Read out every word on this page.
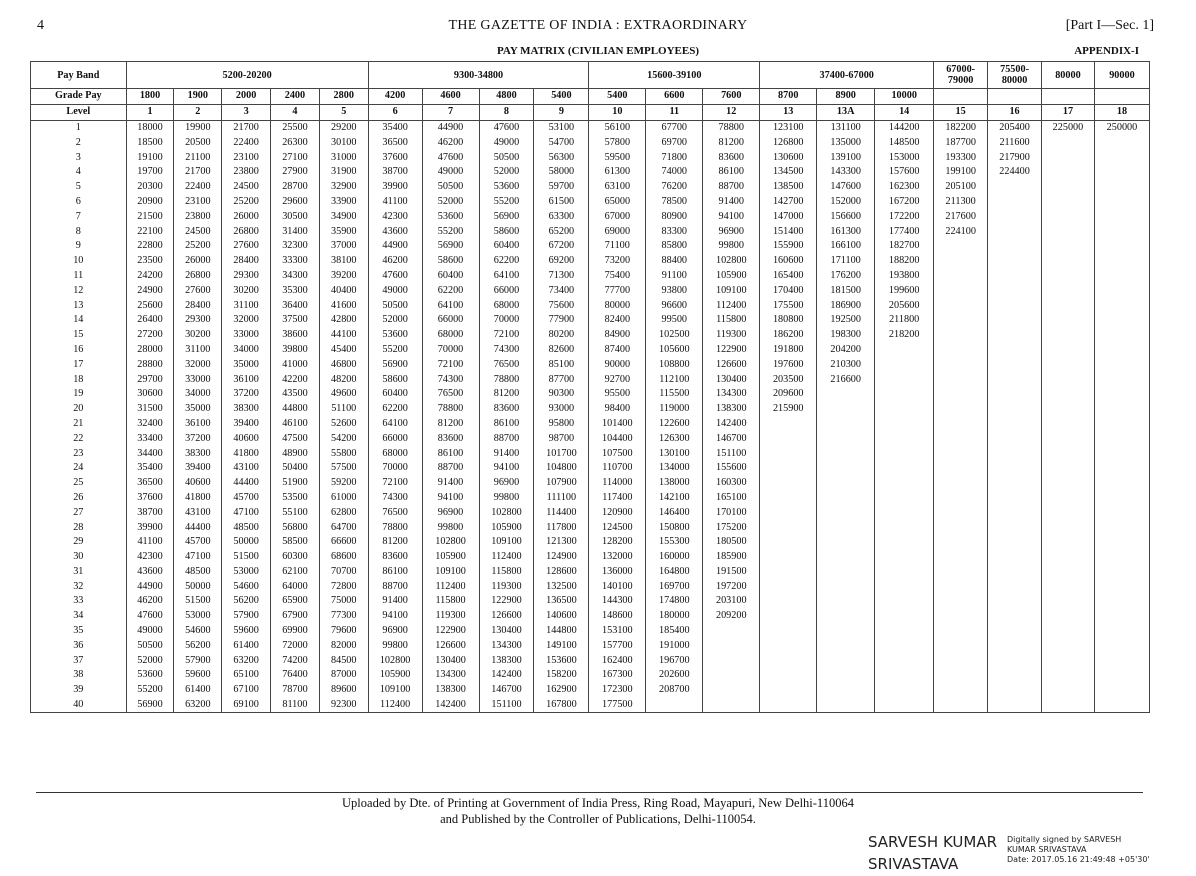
4	THE GAZETTE OF INDIA : EXTRAORDINARY	[Part I—Sec. 1]
PAY MATRIX (CIVILIAN EMPLOYEES)	APPENDIX-I
Pay Band	5200-20200					9300-34800				15600-39100			37400-67000			67000-79000	75500-80000	80000	90000
Grade Pay	1800	1900	2000	2400	2800	4200	4600	4800	5400	5400	6600	7600	8700	8900	10000				
Level	1	2	3	4	5	6	7	8	9	10	11	12	13	13A	14	15	16	17	18
1	18000	19900	21700	25500	29200	35400	44900	47600	53100	56100	67700	78800	123100	131100	144200	182200	205400	225000	250000
2	18500	20500	22400	26300	30100	36500	46200	49000	54700	57800	69700	81200	126800	135000	148500	187700	211600		
3	19100	21100	23100	27100	31000	37600	47600	50500	56300	59500	71800	83600	130600	139100	153000	193300	217900		
4	19700	21700	23800	27900	31900	38700	49000	52000	58000	61300	74000	86100	134500	143300	157600	199100	224400		
5	20300	22400	24500	28700	32900	39900	50500	53600	59700	63100	76200	88700	138500	147600	162300	205100			
6	20900	23100	25200	29600	33900	41100	52000	55200	61500	65000	78500	91400	142700	152000	167200	211300			
7	21500	23800	26000	30500	34900	42300	53600	56900	63300	67000	80900	94100	147000	156600	172200	217600			
8	22100	24500	26800	31400	35900	43600	55200	58600	65200	69000	83300	96900	151400	161300	177400	224100			
9	22800	25200	27600	32300	37000	44900	56900	60400	67200	71100	85800	99800	155900	166100	182700				
10	23500	26000	28400	33300	38100	46200	58600	62200	69200	73200	88400	102800	160600	171100	188200				
11	24200	26800	29300	34300	39200	47600	60400	64100	71300	75400	91100	105900	165400	176200	193800				
12	24900	27600	30200	35300	40400	49000	62200	66000	73400	77700	93800	109100	170400	181500	199600				
13	25600	28400	31100	36400	41600	50500	64100	68000	75600	80000	96600	112400	175500	186900	205600				
14	26400	29300	32000	37500	42800	52000	66000	70000	77900	82400	99500	115800	180800	192500	211800				
15	27200	30200	33000	38600	44100	53600	68000	72100	80200	84900	102500	119300	186200	198300	218200				
16	28000	31100	34000	39800	45400	55200	70000	74300	82600	87400	105600	122900	191800	204200					
17	28800	32000	35000	41000	46800	56900	72100	76500	85100	90000	108800	126600	197600	210300					
18	29700	33000	36100	42200	48200	58600	74300	78800	87700	92700	112100	130400	203500	216600					
19	30600	34000	37200	43500	49600	60400	76500	81200	90300	95500	115500	134300	209600						
20	31500	35000	38300	44800	51100	62200	78800	83600	93000	98400	119000	138300	215900						
21	32400	36100	39400	46100	52600	64100	81200	86100	95800	101400	122600	142400							
22	33400	37200	40600	47500	54200	66000	83600	88700	98700	104400	126300	146700							
23	34400	38300	41800	48900	55800	68000	86100	91400	101700	107500	130100	151100							
24	35400	39400	43100	50400	57500	70000	88700	94100	104800	110700	134000	155600							
25	36500	40600	44400	51900	59200	72100	91400	96900	107900	114000	138000	160300							
26	37600	41800	45700	53500	61000	74300	94100	99800	111100	117400	142100	165100							
27	38700	43100	47100	55100	62800	76500	96900	102800	114400	120900	146400	170100							
28	39900	44400	48500	56800	64700	78800	99800	105900	117800	124500	150800	175200							
29	41100	45700	50000	58500	66600	81200	102800	109100	121300	128200	155300	180500							
30	42300	47100	51500	60300	68600	83600	105900	112400	124900	132000	160000	185900							
31	43600	48500	53000	62100	70700	86100	109100	115800	128600	136000	164800	191500							
32	44900	50000	54600	64000	72800	88700	112400	119300	132500	140100	169700	197200							
33	46200	51500	56200	65900	75000	91400	115800	122900	136500	144300	174800	203100							
34	47600	53000	57900	67900	77300	94100	119300	126600	140600	148600	180000	209200							
35	49000	54600	59600	69900	79600	96900	122900	130400	144800	153100	185400								
36	50500	56200	61400	72000	82000	99800	126600	134300	149100	157700	191000								
37	52000	57900	63200	74200	84500	102800	130400	138300	153600	162400	196700								
38	53600	59600	65100	76400	87000	105900	134300	142400	158200	167300	202600								
39	55200	61400	67100	78700	89600	109100	138300	146700	162900	172300	208700								
40	56900	63200	69100	81100	92300	112400	142400	151100	167800	177500									
Uploaded by Dte. of Printing at Government of India Press, Ring Road, Mayapuri, New Delhi-110064
and Published by the Controller of Publications, Delhi-110054.
SARVESH KUMAR
SRIVASTAVA
Digitally signed by SARVESH
KUMAR SRIVASTAVA
Date: 2017.05.16 21:49:48 +05'30'
